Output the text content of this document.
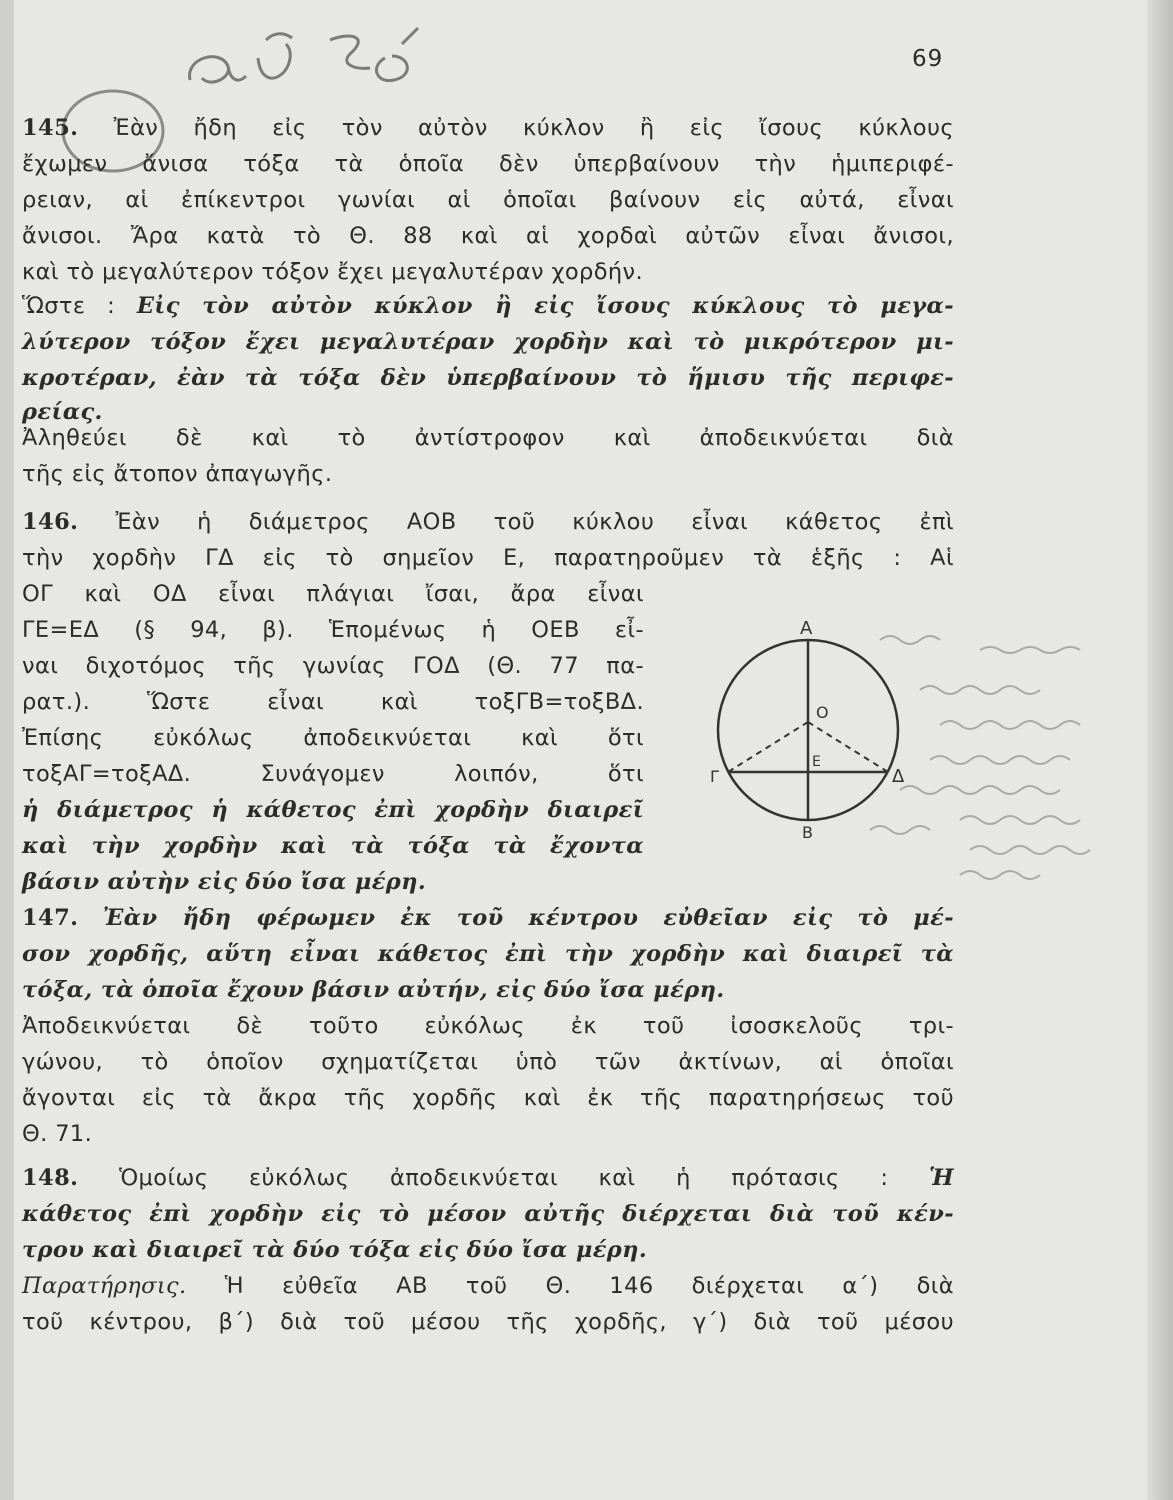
69
145. Ἐὰν ἤδη εἰς τὸν αὐτὸν κύκλον ἢ εἰς ἴσους κύκλους
ἔχωμεν ἄνισα τόξα τὰ ὁποῖα δὲν ὑπερβαίνουν τὴν ἡμιπεριφέ-
ρειαν, αἱ ἐπίκεντροι γωνίαι αἱ ὁποῖαι βαίνουν εἰς αὐτά, εἶναι
ἄνισοι. Ἄρα κατὰ τὸ Θ. 88 καὶ αἱ χορδαὶ αὐτῶν εἶναι ἄνισοι,
καὶ τὸ μεγαλύτερον τόξον ἔχει μεγαλυτέραν χορδήν.
Ὥστε : Εἰς τὸν αὐτὸν κύκλον ἢ εἰς ἴσους κύκλους τὸ μεγα-
λύτερον τόξον ἔχει μεγαλυτέραν χορδὴν καὶ τὸ μικρότερον μι-
κροτέραν, ἐὰν τὰ τόξα δὲν ὑπερβαίνουν τὸ ἥμισυ τῆς περιφε-
ρείας.
Ἀληθεύει δὲ καὶ τὸ ἀντίστροφον καὶ ἀποδεικνύεται διὰ
τῆς εἰς ἄτοπον ἀπαγωγῆς.
146. Ἐὰν ἡ διάμετρος ΑΟΒ τοῦ κύκλου εἶναι κάθετος ἐπὶ
τὴν χορδὴν ΓΔ εἰς τὸ σημεῖον Ε, παρατηροῦμεν τὰ ἑξῆς : Αἱ
ΟΓ καὶ ΟΔ εἶναι πλάγιαι ἴσαι, ἄρα εἶναι
ΓΕ=ΕΔ (§ 94, β). Ἑπομένως ἡ ΟΕΒ εἶ-
ναι διχοτόμος τῆς γωνίας ΓΟΔ (Θ. 77 πα-
ρατ.). Ὥστε εἶναι καὶ τοξΓΒ=τοξΒΔ.
Ἐπίσης εὐκόλως ἀποδεικνύεται καὶ ὅτι
τοξΑΓ=τοξΑΔ. Συνάγομεν λοιπόν, ὅτι
ἡ διάμετρος ἡ κάθετος ἐπὶ χορδὴν διαιρεῖ
καὶ τὴν χορδὴν καὶ τὰ τόξα τὰ ἔχοντα
βάσιν αὐτὴν εἰς δύο ἴσα μέρη.
Α
Ο
Ε
Γ	Δ
Β
147. Ἐὰν ἤδη φέρωμεν ἐκ τοῦ κέντρου εὐθεῖαν εἰς τὸ μέ-
σον χορδῆς, αὕτη εἶναι κάθετος ἐπὶ τὴν χορδὴν καὶ διαιρεῖ τὰ
τόξα, τὰ ὁποῖα ἔχουν βάσιν αὐτήν, εἰς δύο ἴσα μέρη.
Ἀποδεικνύεται δὲ τοῦτο εὐκόλως ἐκ τοῦ ἰσοσκελοῦς τρι-
γώνου, τὸ ὁποῖον σχηματίζεται ὑπὸ τῶν ἀκτίνων, αἱ ὁποῖαι
ἄγονται εἰς τὰ ἄκρα τῆς χορδῆς καὶ ἐκ τῆς παρατηρήσεως τοῦ
Θ. 71.
148. Ὁμοίως εὐκόλως ἀποδεικνύεται καὶ ἡ πρότασις : Ἡ
κάθετος ἐπὶ χορδὴν εἰς τὸ μέσον αὐτῆς διέρχεται διὰ τοῦ κέν-
τρου καὶ διαιρεῖ τὰ δύο τόξα εἰς δύο ἴσα μέρη.
Παρατήρησις. Ἡ εὐθεῖα ΑΒ τοῦ Θ. 146 διέρχεται α΄) διὰ
τοῦ κέντρου, β΄) διὰ τοῦ μέσου τῆς χορδῆς, γ΄) διὰ τοῦ μέσου
